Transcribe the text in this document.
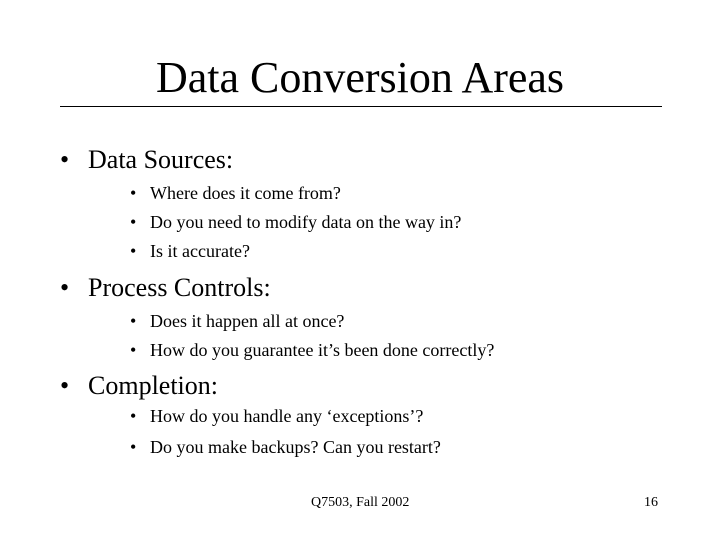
Data Conversion Areas
• Data Sources:
• Where does it come from?
• Do you need to modify data on the way in?
• Is it accurate?
• Process Controls:
• Does it happen all at once?
• How do you guarantee it’s been done correctly?
• Completion:
• How do you handle any ‘exceptions’?
• Do you make backups? Can you restart?
Q7503, Fall 2002	16
